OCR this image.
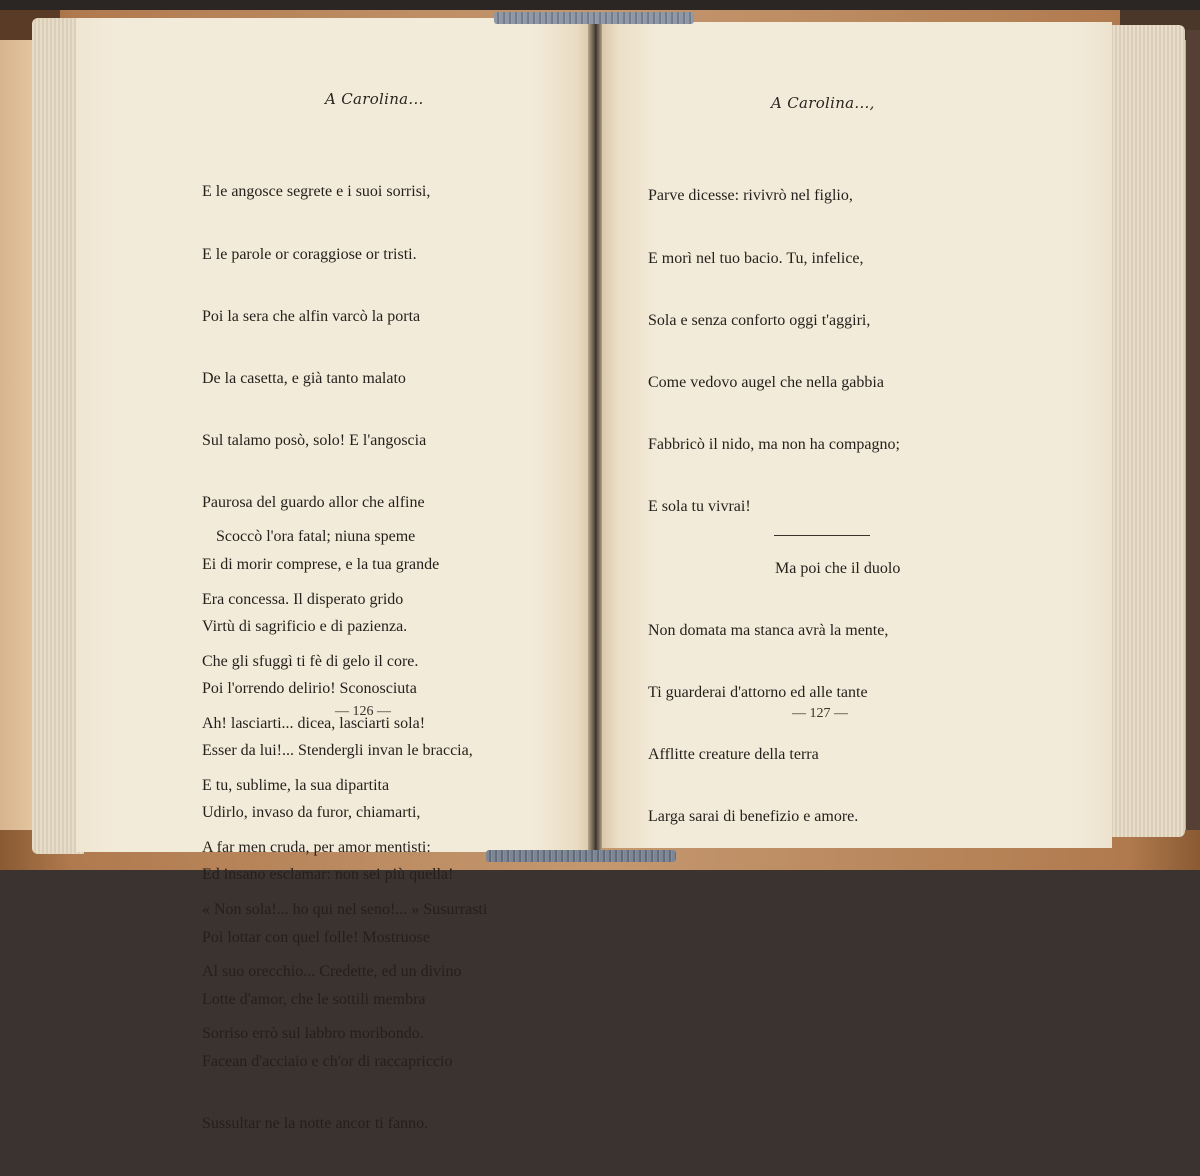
A Carolina...

E le angosce segrete e i suoi sorrisi,

E le parole or coraggiose or tristi.

Poi la sera che alfin varcò la porta

De la casetta, e già tanto malato

Sul talamo posò, solo! E l'angoscia

Paurosa del guardo allor che alfine

Ei di morir comprese, e la tua grande

Virtù di sagrificio e di pazienza.

Poi l'orrendo delirio! Sconosciuta

Esser da lui!... Stendergli invan le braccia,

Udirlo, invaso da furor, chiamarti,

Ed insano esclamar: non sei più quella!

Poi lottar con quel folle! Mostruose

Lotte d'amor, che le sottili membra

Facean d'acciaio e ch'or di raccapriccio

Sussultar ne la notte ancor ti fanno.

Scoccò l'ora fatal; niuna speme

Era concessa. Il disperato grido

Che gli sfuggì ti fè di gelo il core.

Ah! lasciarti... dicea, lasciarti sola!

E tu, sublime, la sua dipartita

A far men cruda, per amor mentisti:

« Non sola!... ho qui nel seno!... » Susurrasti

Al suo orecchio... Credette, ed un divino

Sorriso errò sul labbro moribondo.

— 126 —
A Carolina...,

Parve dicesse: rivivrò nel figlio,

E morì nel tuo bacio. Tu, infelice,

Sola e senza conforto oggi t'aggiri,

Come vedovo augel che nella gabbia

Fabbricò il nido, ma non ha compagno;

E sola tu vivrai!

Ma poi che il duolo

Non domata ma stanca avrà la mente,

Ti guarderai d'attorno ed alle tante

Afflitte creature della terra

Larga sarai di benefizio e amore.

— 127 —
